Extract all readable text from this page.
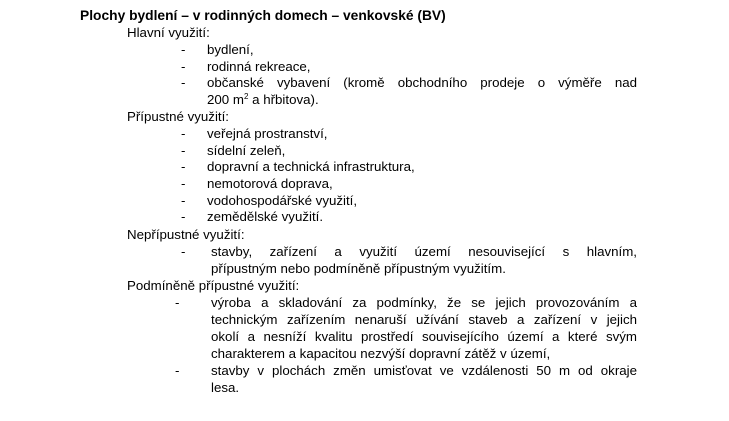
Plochy bydlení – v rodinných domech – venkovské (BV)
Hlavní využití:
- bydlení,
- rodinná rekreace,
- občanské vybavení (kromě obchodního prodeje o výměře nad
200 $m^2$ a hřbitova).
Přípustné využití:
- veřejná prostranství,
- sídelní zeleň,
- dopravní a technická infrastruktura,
- nemotorová doprava,
- vodohospodářské využití,
- zemědělské využití.
Nepřípustné využití:
- stavby, zařízení a využití území nesouvisející s hlavním,
přípustným nebo podmíněně přípustným využitím.
Podmíněně přípustné využití:
- výroba a skladování za podmínky, že se jejich provozováním a
technickým zařízením nenaruší užívání staveb a zařízení v jejich
okolí a nesníží kvalitu prostředí souvisejícího území a které svým
charakterem a kapacitou nezvýší dopravní zátěž v území,
- stavby v plochách změn umisťovat ve vzdálenosti 50 m od okraje
lesa.
